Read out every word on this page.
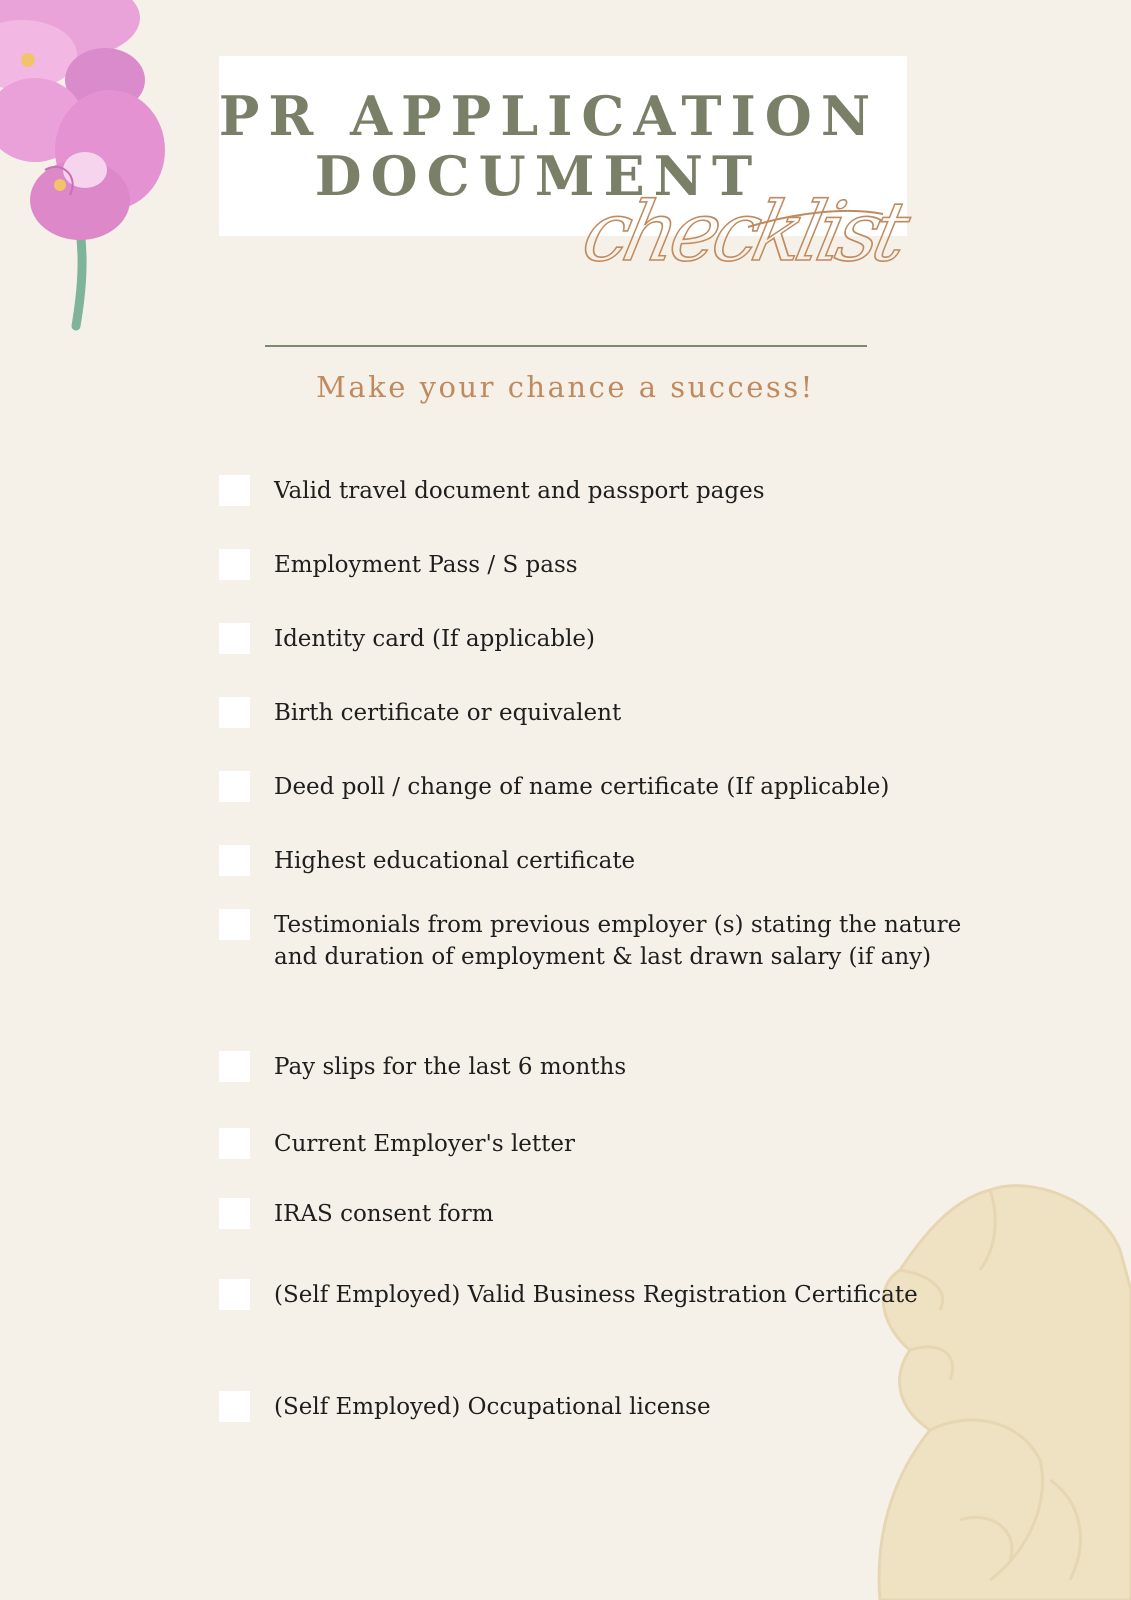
PR APPLICATION
DOCUMENT
checklist
Make your chance a success!
Valid travel document and passport pages
Employment Pass / S pass
Identity card (If applicable)
Birth certificate or equivalent
Deed poll / change of name certificate (If applicable)
Highest educational certificate
Testimonials from previous employer (s) stating the nature and duration of employment & last drawn salary (if any)
Pay slips for the last 6 months
Current Employer's letter
IRAS consent form
(Self Employed) Valid Business Registration Certificate
(Self Employed) Occupational license
